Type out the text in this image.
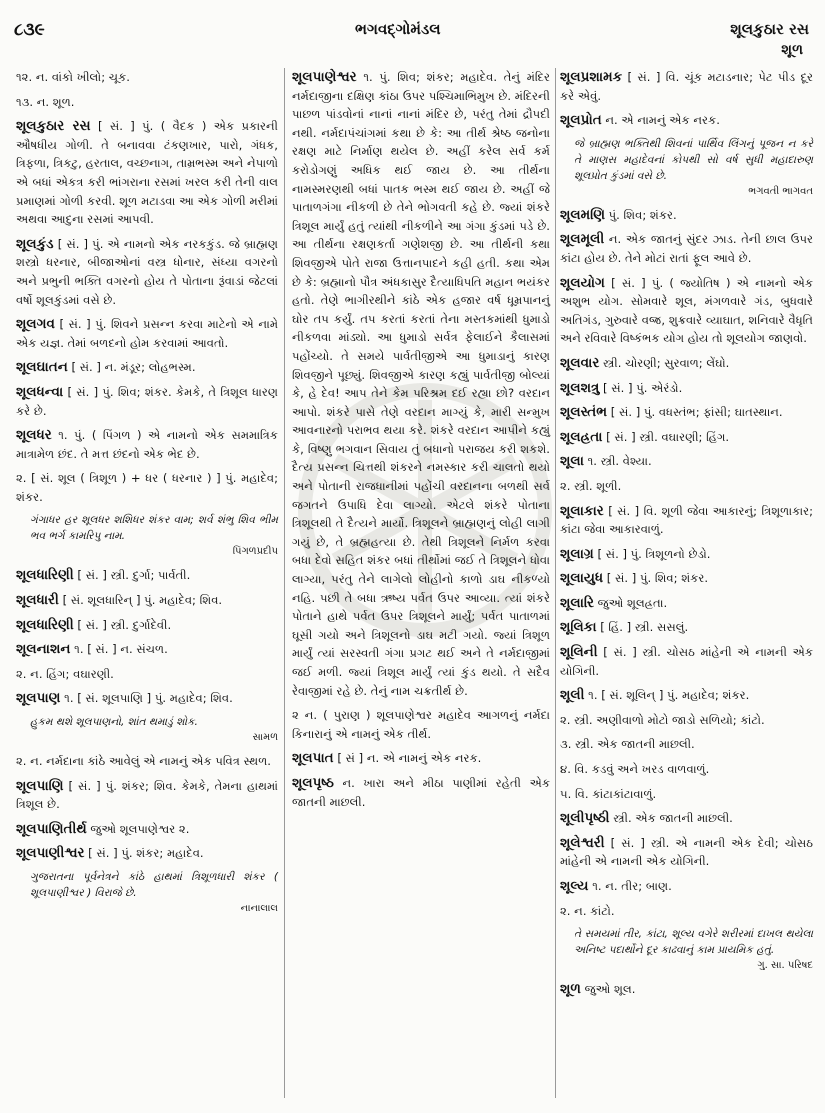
૮૩૯	ભગવદ્ગોમંડલ	શૂલકુઠાર રસ
શૂળ
૧૨. ન. વાંકો ખીલો; ચૂક.
૧૩. ન. શૂળ.
શૂલકુઠાર રસ [ સં. ] પું. ( વૈદક ) એક પ્રકારની ઔષધીય ગોળી. તે બનાવવા ટંકણખાર, પારો, ગંધક, ત્રિફળા, ત્રિકટુ, હરતાલ, વચ્છનાગ, તામ્રભસ્મ અને નેપાળો એ બધાં એકત્ર કરી ભાંગરાના રસમાં ખરલ કરી તેની વાલ પ્રમાણમાં ગોળી કરવી. શૂળ મટાડવા આ એક ગોળી મરીમાં અથવા આદુના રસમાં આપવી.
શૂલકુંડ [ સં. ] પું. એ નામનો એક નરકકુંડ. જે બ્રાહ્મણ શસ્ત્રો ધરનાર, બીજાઓનાં વસ્ત્ર ધોનાર, સંધ્યા વગરનો અને પ્રભુની ભક્તિ વગરનો હોય તે પોતાના રૂંવાડાં જેટલાં વર્ષો શૂલકુંડમાં વસે છે.
શૂલગવ [ સં. ] પું. શિવને પ્રસન્ન કરવા માટેનો એ નામે એક યજ્ઞ. તેમાં બળદનો હોમ કરવામાં આવતો.
શૂલઘાતન [ સં. ] ન. મંડૂર; લોહભસ્મ.
શૂલધન્વા [ સં. ] પું. શિવ; શંકર. કેમકે, તે ત્રિશૂલ ધારણ કરે છે.
શૂલધર ૧. પું. ( પિંગળ ) એ નામનો એક સમમાત્રિક માત્રામેળ છંદ. તે મત્ત છંદનો એક ભેદ છે.
૨. [ સં. શૂલ ( ત્રિશૂળ ) + ધર ( ધરનાર ) ] પું. મહાદેવ; શંકર.
ગંગાધર હર શૂલધર શશિધર શંકર વામ; શર્વ શંભુ શિવ ભીમ ભવ ભર્ગ કામરિપુ નામ.
પિંગળપ્રદીપ
શૂલધારિણી [ સં. ] સ્ત્રી. દુર્ગા; પાર્વતી.
શૂલધારી [ સં. શૂલધારિન્ ] પું. મહાદેવ; શિવ.
શૂલધારિણી [ સં. ] સ્ત્રી. દુર્ગાદેવી.
શૂલનાશન ૧. [ સં. ] ન. સંચળ.
૨. ન. હિંગ; વઘારણી.
શૂલપાણ ૧. [ સં. શૂલપાણિ ] પું. મહાદેવ; શિવ.
હુકમ થશે શૂલપાણનો, શાંત થમાડું શોક.
સામળ
૨. ન. નર્મદાના કાંઠે આવેલું એ નામનું એક પવિત્ર સ્થળ.
શૂલપાણિ [ સં. ] પું. શંકર; શિવ. કેમકે, તેમના હાથમાં ત્રિશૂલ છે.
શૂલપાણિતીર્થ જુઓ શૂલપાણેશ્વર ૨.
શૂલપાણીશ્વર [ સં. ] પું. શંકર; મહાદેવ.
ગુજરાતના પૂર્વનેત્રને કાંઠે હાથમાં ત્રિશૂળધારી શંકર ( શૂલપાણીશ્વર ) વિરાજે છે.
નાનાલાલ
શૂલપાણેશ્વર ૧. પું. શિવ; શંકર; મહાદેવ. તેનું મંદિર નર્મદાજીના દક્ષિણ કાંઠા ઉપર પશ્ચિમાભિમુખ છે. મંદિરની પાછળ પાંડવોનાં નાનાં નાનાં મંદિર છે, પરંતુ તેમાં દ્રૌપદી નથી. નર્મદાપંચાંગમાં કથા છે કે: આ તીર્થ શ્રેષ્ઠ જનોના રક્ષણ માટે નિર્માણ થયેલ છે. અહીં કરેલ સર્વ કર્મ કરોડોગણું અધિક થઈ જાય છે. આ તીર્થના નામસ્મરણથી બધાં પાતક ભસ્મ થઈ જાય છે. અહીં જે પાતાળગંગા નીકળી છે તેને ભોગવતી કહે છે. જ્યાં શંકરે ત્રિશૂલ માર્યું હતું ત્યાંથી નીકળીને આ ગંગા કુંડમાં પડે છે. આ તીર્થના રક્ષણકર્તા ગણેશજી છે. આ તીર્થની કથા શિવજીએ પોતે રાજા ઉત્તાનપાદને કહી હતી. કથા એમ છે કે: બ્રહ્માનો પૌત્ર અંધકાસુર દૈત્યાધિપતિ મહાન ભયંકર હતો. તેણે ભાગીરથીને કાંઠે એક હજાર વર્ષ ધૂમ્રપાનનું ઘોર તપ કર્યું. તપ કરતાં કરતાં તેના મસ્તકમાંથી ધુમાડો નીકળવા માંડ્યો. આ ધુમાડો સર્વત્ર ફેલાઈને કૈલાસમાં પહોંચ્યો. તે સમયે પાર્વતીજીએ આ ધુમાડાનું કારણ શિવજીને પૂછ્યું. શિવજીએ કારણ કહ્યું પાર્વતીજી બોલ્યાં કે, હે દેવ! આપ તેને કેમ પરિશ્રમ દઈ રહ્યા છો? વરદાન આપો. શંકરે પાસે તેણે વરદાન માગ્યું કે, મારી સન્મુખ આવનારનો પરાભવ થયા કરે. શંકરે વરદાન આપીને કહ્યું કે, વિષ્ણુ ભગવાન સિવાય તું બધાનો પરાજય કરી શકશે. દૈત્ય પ્રસન્ન ચિત્તથી શંકરને નમસ્કાર કરી ચાલતો થયો અને પોતાની રાજધાનીમાં પહોંચી વરદાનના બળથી સર્વ જગતને ઉપાધિ દેવા લાગ્યો. એટલે શંકરે પોતાના ત્રિશૂલથી તે દૈત્યને માર્યો. ત્રિશૂલને બ્રાહ્મણનું લોહી લાગી ગયું છે, તે બ્રહ્મહત્યા છે. તેથી ત્રિશૂલને નિર્મળ કરવા બધા દેવો સહિત શંકર બધાં તીર્થોમાં જઈ તે ત્રિશૂલને ધોવા લાગ્યા, પરંતુ તેને લાગેલો લોહીનો કાળો ડાઘ નીકળ્યો નહિ. પછી તે બધા ઋષ્ય પર્વત ઉપર આવ્યા. ત્યાં શંકરે પોતાને હાથે પર્વત ઉપર ત્રિશૂલને માર્યું; પર્વત પાતાળમાં ઘૂસી ગયો અને ત્રિશૂલનો ડાઘ મટી ગયો. જ્યાં ત્રિશૂળ માર્યું ત્યાં સરસ્વતી ગંગા પ્રગટ થઈ અને તે નર્મદાજીમાં જઈ મળી. જ્યાં ત્રિશૂલ માર્યું ત્યાં કુંડ થયો. તે સદૈવ રેવાજીમાં રહે છે. તેનું નામ ચક્રતીર્થ છે.
૨ ન. ( પુરાણ ) શૂલપાણેશ્વર મહાદેવ આગળનું નર્મદા કિનારાનું એ નામનું એક તીર્થ.
શૂલપાત [ સં ] ન. એ નામનું એક નરક.
શૂલપૃષ્ઠ ન. ખારા અને મીઠા પાણીમાં રહેતી એક જાતની માછલી.
શૂલપ્રશામક [ સં. ] વિ. ચૂંક મટાડનાર; પેટ પીડ દૂર કરે એવું.
શૂલપ્રોત ન. એ નામનું એક નરક.
જે બ્રાહ્મણ ભક્તિથી શિવનાં પાર્થિવ લિંગનું પૂજન ન કરે તે માણસ મહાદેવનાં કોપથી સો વર્ષ સુધી મહાદારુણ શૂલપ્રોત કુંડમાં વસે છે.
ભગવતી ભાગવત
શૂલમણિ પું. શિવ; શંકર.
શૂલમૂલી ન. એક જાતનું સુંદર ઝાડ. તેની છાલ ઉપર કાંટા હોય છે. તેને મોટાં રાતાં ફૂલ આવે છે.
શૂલયોગ [ સં. ] પું. ( જ્યોતિષ ) એ નામનો એક અશુભ યોગ. સોમવારે શૂલ, મંગળવારે ગંડ, બુધવારે અતિગંડ, ગુરુવારે વજ્ર, શુક્રવારે વ્યાઘાત, શનિવારે વૈધૃતિ અને રવિવારે વિષ્કંભક યોગ હોય તો શૂલયોગ જાણવો.
શૂલવાર સ્ત્રી. ચોરણી; સુરવાળ; લેંઘો.
શૂલશત્રુ [ સં. ] પું. એરંડો.
શૂલસ્તંભ [ સં. ] પું. વધસ્તંભ; ફાંસી; ઘાતસ્થાન.
શૂલહ્રતા [ સં. ] સ્ત્રી. વઘારણી; હિંગ.
શૂલા ૧. સ્ત્રી. વેશ્યા.
૨. સ્ત્રી. શૂળી.
શૂલાકાર [ સં. ] વિ. શૂળી જેવા આકારનું; ત્રિશૂળાકાર; કાંટા જેવા આકારવાળું.
શૂલાગ્ર [ સં. ] પું. ત્રિશૂળનો છેડો.
શૂલાયુધ [ સં. ] પું. શિવ; શંકર.
શૂલારિ જુઓ શૂલહ્રતા.
શૂલિકા [ હિં. ] સ્ત્રી. સસલું.
શૂલિની [ સં. ] સ્ત્રી. ચોસઠ માંહેની એ નામની એક યોગિની.
શૂલી ૧. [ સં. શૂલિન્ ] પું. મહાદેવ; શંકર.
૨. સ્ત્રી. અણીવાળો મોટો જાડો સળિયો; કાંટો.
૩. સ્ત્રી. એક જાતની માછલી.
૪. વિ. કડવું અને ખરડ વાળવાળું.
૫. વિ. કાંટાકાંટાવાળું.
શૂલીપૃષ્ઠી સ્ત્રી. એક જાતની માછલી.
શૂલેશ્વરી [ સં. ] સ્ત્રી. એ નામની એક દેવી; ચોસઠ માંહેની એ નામની એક યોગિની.
શૂલ્ય ૧. ન. તીર; બાણ.
૨. ન. કાંટો.
તે સમયમાં તીર, કાંટા, શૂલ્ય વગેરે શરીરમાં દાખલ થયેલા અનિષ્ટ પદાર્થોને દૂર કાઢવાનું કામ પ્રાયમિક હતું.
ગુ. સા. પરિષદ
શૂળ જુઓ શૂલ.
